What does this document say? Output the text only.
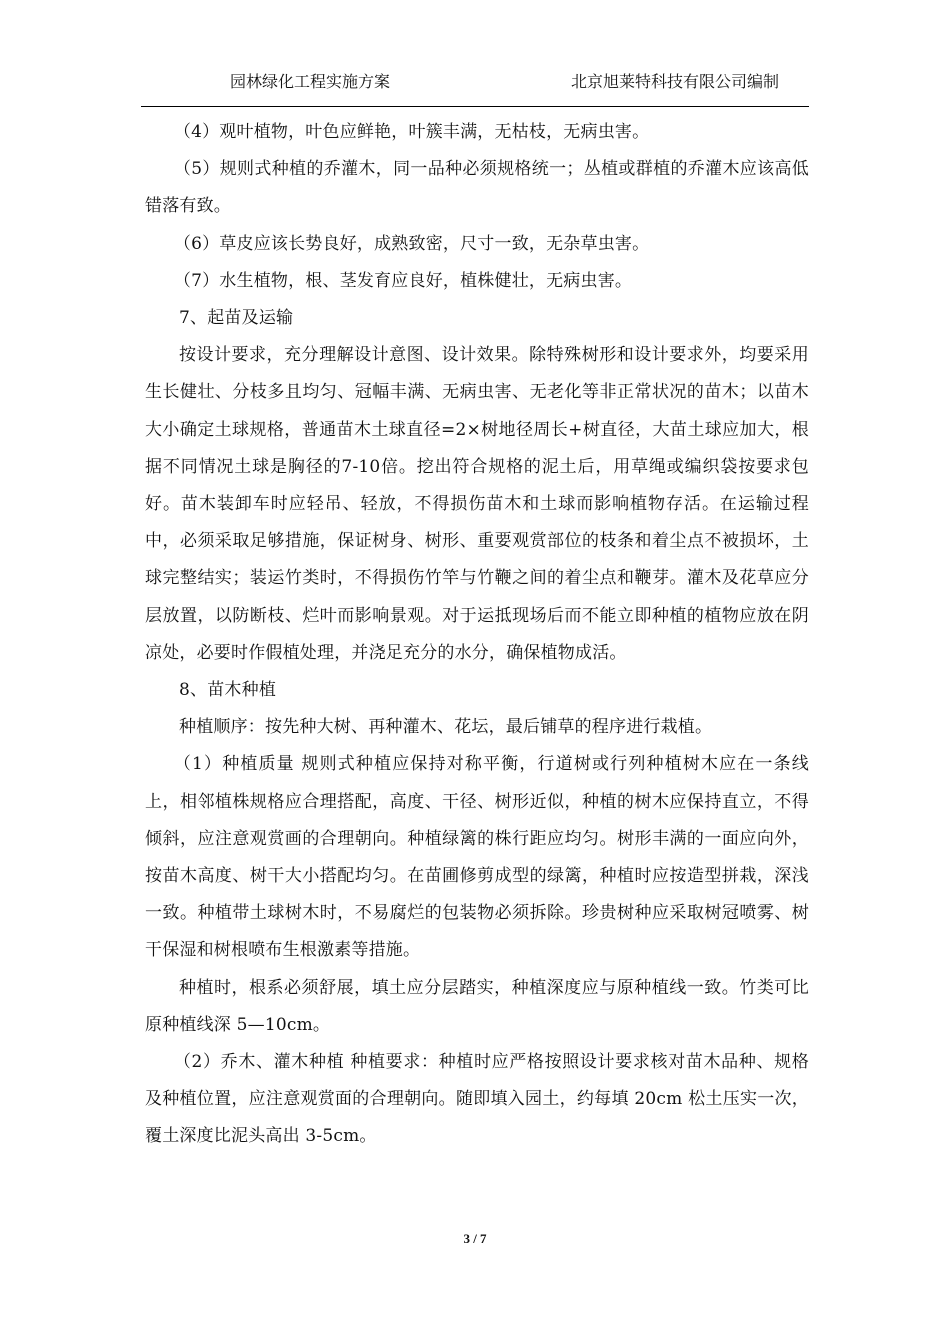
园林绿化工程实施方案	北京旭莱特科技有限公司编制

（4）观叶植物，叶色应鲜艳，叶簇丰满，无枯枝，无病虫害。

（5）规则式种植的乔灌木，同一品种必须规格统一；丛植或群植的乔灌木应该高低错落有致。

（6）草皮应该长势良好，成熟致密，尺寸一致，无杂草虫害。

（7）水生植物，根、茎发育应良好，植株健壮，无病虫害。

7、起苗及运输

按设计要求，充分理解设计意图、设计效果。除特殊树形和设计要求外，均要采用生长健壮、分枝多且均匀、冠幅丰满、无病虫害、无老化等非正常状况的苗木；以苗木大小确定土球规格，普通苗木土球直径=2×树地径周长+树直径，大苗土球应加大，根据不同情况土球是胸径的7-10倍。挖出符合规格的泥土后，用草绳或编织袋按要求包好。苗木装卸车时应轻吊、轻放，不得损伤苗木和土球而影响植物存活。在运输过程中，必须采取足够措施，保证树身、树形、重要观赏部位的枝条和着尘点不被损坏，土球完整结实；装运竹类时，不得损伤竹竿与竹鞭之间的着尘点和鞭芽。灌木及花草应分层放置，以防断枝、烂叶而影响景观。对于运抵现场后而不能立即种植的植物应放在阴凉处，必要时作假植处理，并浇足充分的水分，确保植物成活。

8、苗木种植

种植顺序：按先种大树、再种灌木、花坛，最后铺草的程序进行栽植。

（1）种植质量 规则式种植应保持对称平衡，行道树或行列种植树木应在一条线上，相邻植株规格应合理搭配，高度、干径、树形近似，种植的树木应保持直立，不得倾斜，应注意观赏画的合理朝向。种植绿篱的株行距应均匀。树形丰满的一面应向外，按苗木高度、树干大小搭配均匀。在苗圃修剪成型的绿篱，种植时应按造型拼栽，深浅一致。种植带土球树木时，不易腐烂的包装物必须拆除。珍贵树种应采取树冠喷雾、树干保湿和树根喷布生根激素等措施。

种植时，根系必须舒展，填土应分层踏实，种植深度应与原种植线一致。竹类可比原种植线深 5—10cm。

（2）乔木、灌木种植 种植要求：种植时应严格按照设计要求核对苗木品种、规格及种植位置，应注意观赏面的合理朝向。随即填入园土，约每填 20cm 松土压实一次，覆土深度比泥头高出 3-5cm。

3 / 7
